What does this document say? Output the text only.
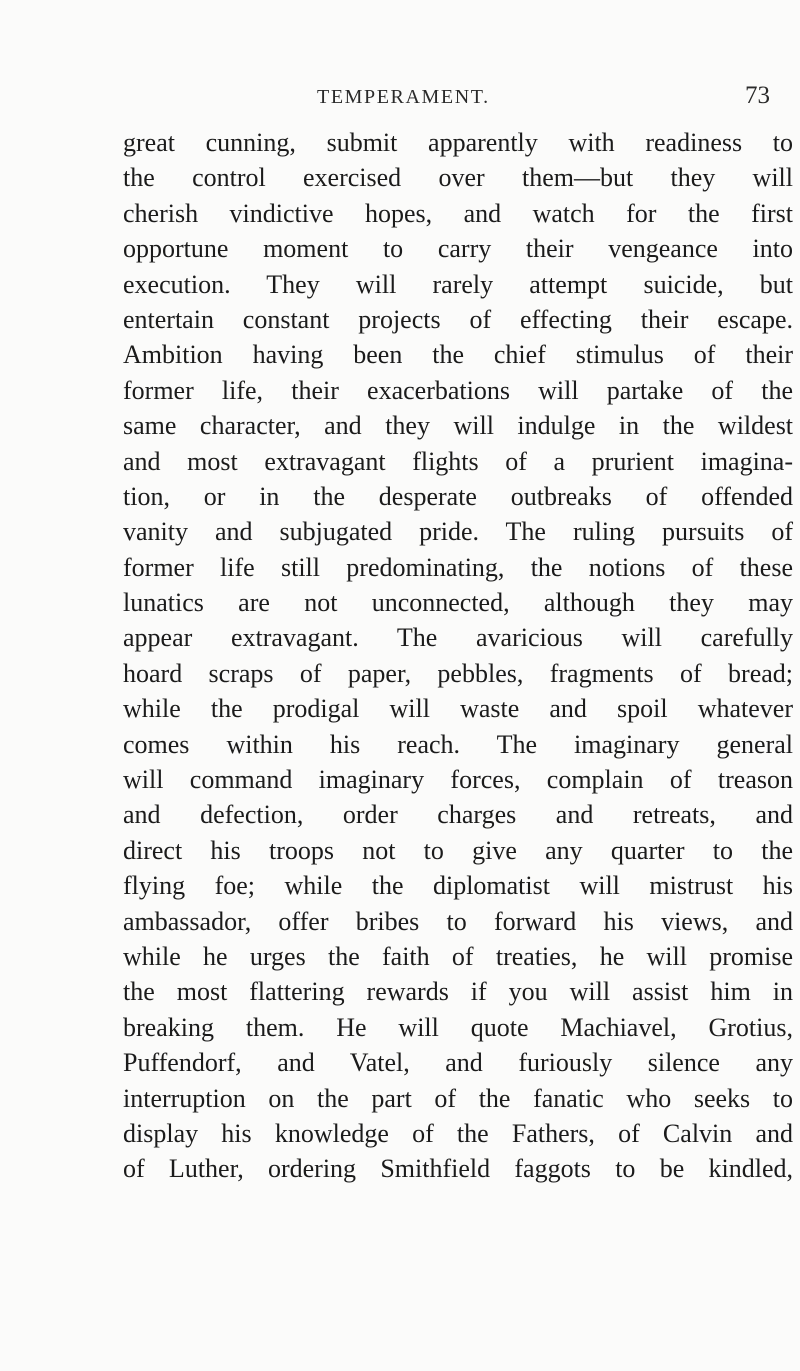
TEMPERAMENT.	73
great cunning, submit apparently with readiness to
the control exercised over them—but they will
cherish vindictive hopes, and watch for the first
opportune moment to carry their vengeance into
execution. They will rarely attempt suicide, but
entertain constant projects of effecting their escape.
Ambition having been the chief stimulus of their
former life, their exacerbations will partake of the
same character, and they will indulge in the wildest
and most extravagant flights of a prurient imagina-
tion, or in the desperate outbreaks of offended
vanity and subjugated pride. The ruling pursuits of
former life still predominating, the notions of these
lunatics are not unconnected, although they may
appear extravagant. The avaricious will carefully
hoard scraps of paper, pebbles, fragments of bread;
while the prodigal will waste and spoil whatever
comes within his reach. The imaginary general
will command imaginary forces, complain of treason
and defection, order charges and retreats, and
direct his troops not to give any quarter to the
flying foe; while the diplomatist will mistrust his
ambassador, offer bribes to forward his views, and
while he urges the faith of treaties, he will promise
the most flattering rewards if you will assist him in
breaking them. He will quote Machiavel, Grotius,
Puffendorf, and Vatel, and furiously silence any
interruption on the part of the fanatic who seeks to
display his knowledge of the Fathers, of Calvin and
of Luther, ordering Smithfield faggots to be kindled,
